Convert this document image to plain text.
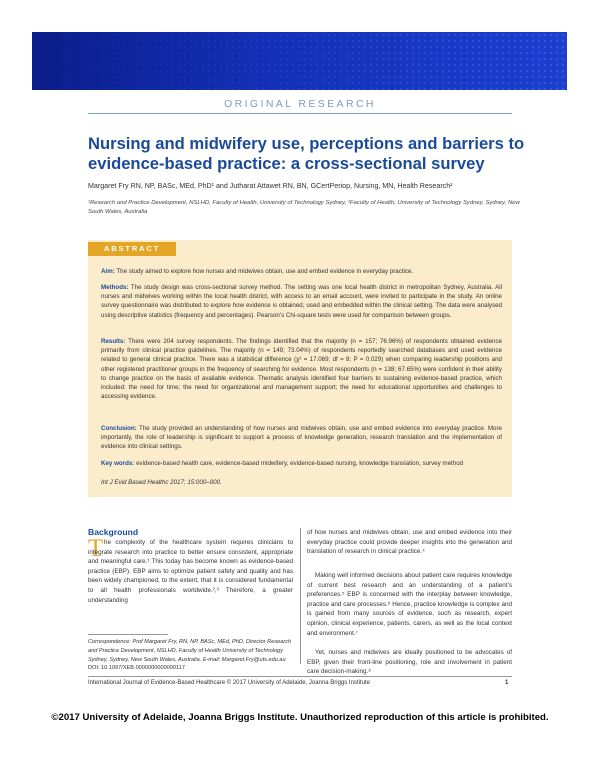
ORIGINAL RESEARCH
Nursing and midwifery use, perceptions and barriers to evidence-based practice: a cross-sectional survey
Margaret Fry RN, NP, BASc, MEd, PhD¹ and Jutharat Attawet RN, BN, GCertPeriop, Nursing, MN, Health Research²
¹Research and Practice Development, NSLHD, Faculty of Health, University of Technology Sydney, ²Faculty of Health, University of Technology Sydney, Sydney, New South Wales, Australia
ABSTRACT
Aim: The study aimed to explore how nurses and midwives obtain, use and embed evidence in everyday practice.
Methods: The study design was cross-sectional survey method. The setting was one local health district in metropolitan Sydney, Australia. All nurses and midwives working within the local health district, with access to an email account, were invited to participate in the study. An online survey questionnaire was distributed to explore how evidence is obtained, used and embedded within the clinical setting. The data were analysed using descriptive statistics (frequency and percentages). Pearson’s Chi-square tests were used for comparison between groups.
Results: There were 204 survey respondents. The findings identified that the majority (n = 157; 76.96%) of respondents obtained evidence primarily from clinical practice guidelines. The majority (n = 149; 73.04%) of respondents reportedly searched databases and used evidence related to general clinical practice. There was a statistical difference (χ² = 17.069; df = 8; P = 0.029) when comparing leadership positions and other registered practitioner groups in the frequency of searching for evidence. Most respondents (n = 138; 67.65%) were confident in their ability to change practice on the basis of available evidence. Thematic analysis identified four barriers to sustaining evidence-based practice, which included: the need for time; the need for organizational and management support; the need for educational opportunities and challenges to accessing evidence.
Conclusion: The study provided an understanding of how nurses and midwives obtain, use and embed evidence into everyday practice. More importantly, the role of leadership is significant to support a process of knowledge generation, research translation and the implementation of evidence into clinical settings.
Key words: evidence-based health care, evidence-based midwifery, evidence-based nursing, knowledge translation, survey method
Int J Evid Based Healthc 2017; 15:000–000.
Background
T he complexity of the healthcare system requires clinicians to integrate research into practice to better ensure consistent, appropriate and meaningful care.¹ This today has become known as evidence-based practice (EBP). EBP aims to optimize patient safety and quality and has been widely championed, to the extent, that it is considered fundamental to all health professionals worldwide.²,³ Therefore, a greater understanding
of how nurses and midwives obtain, use and embed evidence into their everyday practice could provide deeper insights into the generation and translation of research in clinical practice.⁴
Making well informed decisions about patient care requires knowledge of current best research and an understanding of a patient’s preferences.⁵ EBP is concerned with the interplay between knowledge, practice and care processes.⁶ Hence, practice knowledge is complex and is gained from many sources of evidence, such as research, expert opinion, clinical experience, patients, carers, as well as the local context and environment.⁷
Yet, nurses and midwives are ideally positioned to be advocates of EBP, given their front-line positioning, role and involvement in patient care decision-making.⁸
Correspondence: Prof Margaret Fry, RN, NP, BASc, MEd, PhD, Director Research and Practice Development, NSLHD, Faculty of Health University of Technology Sydney, Sydney, New South Wales, Australia. E-mail: Margaret.Fry@uts.edu.au
DOI: 10.1097/XEB.0000000000000117
International Journal of Evidence-Based Healthcare © 2017 University of Adelaide, Joanna Briggs Institute	1
©2017 University of Adelaide, Joanna Briggs Institute. Unauthorized reproduction of this article is prohibited.
